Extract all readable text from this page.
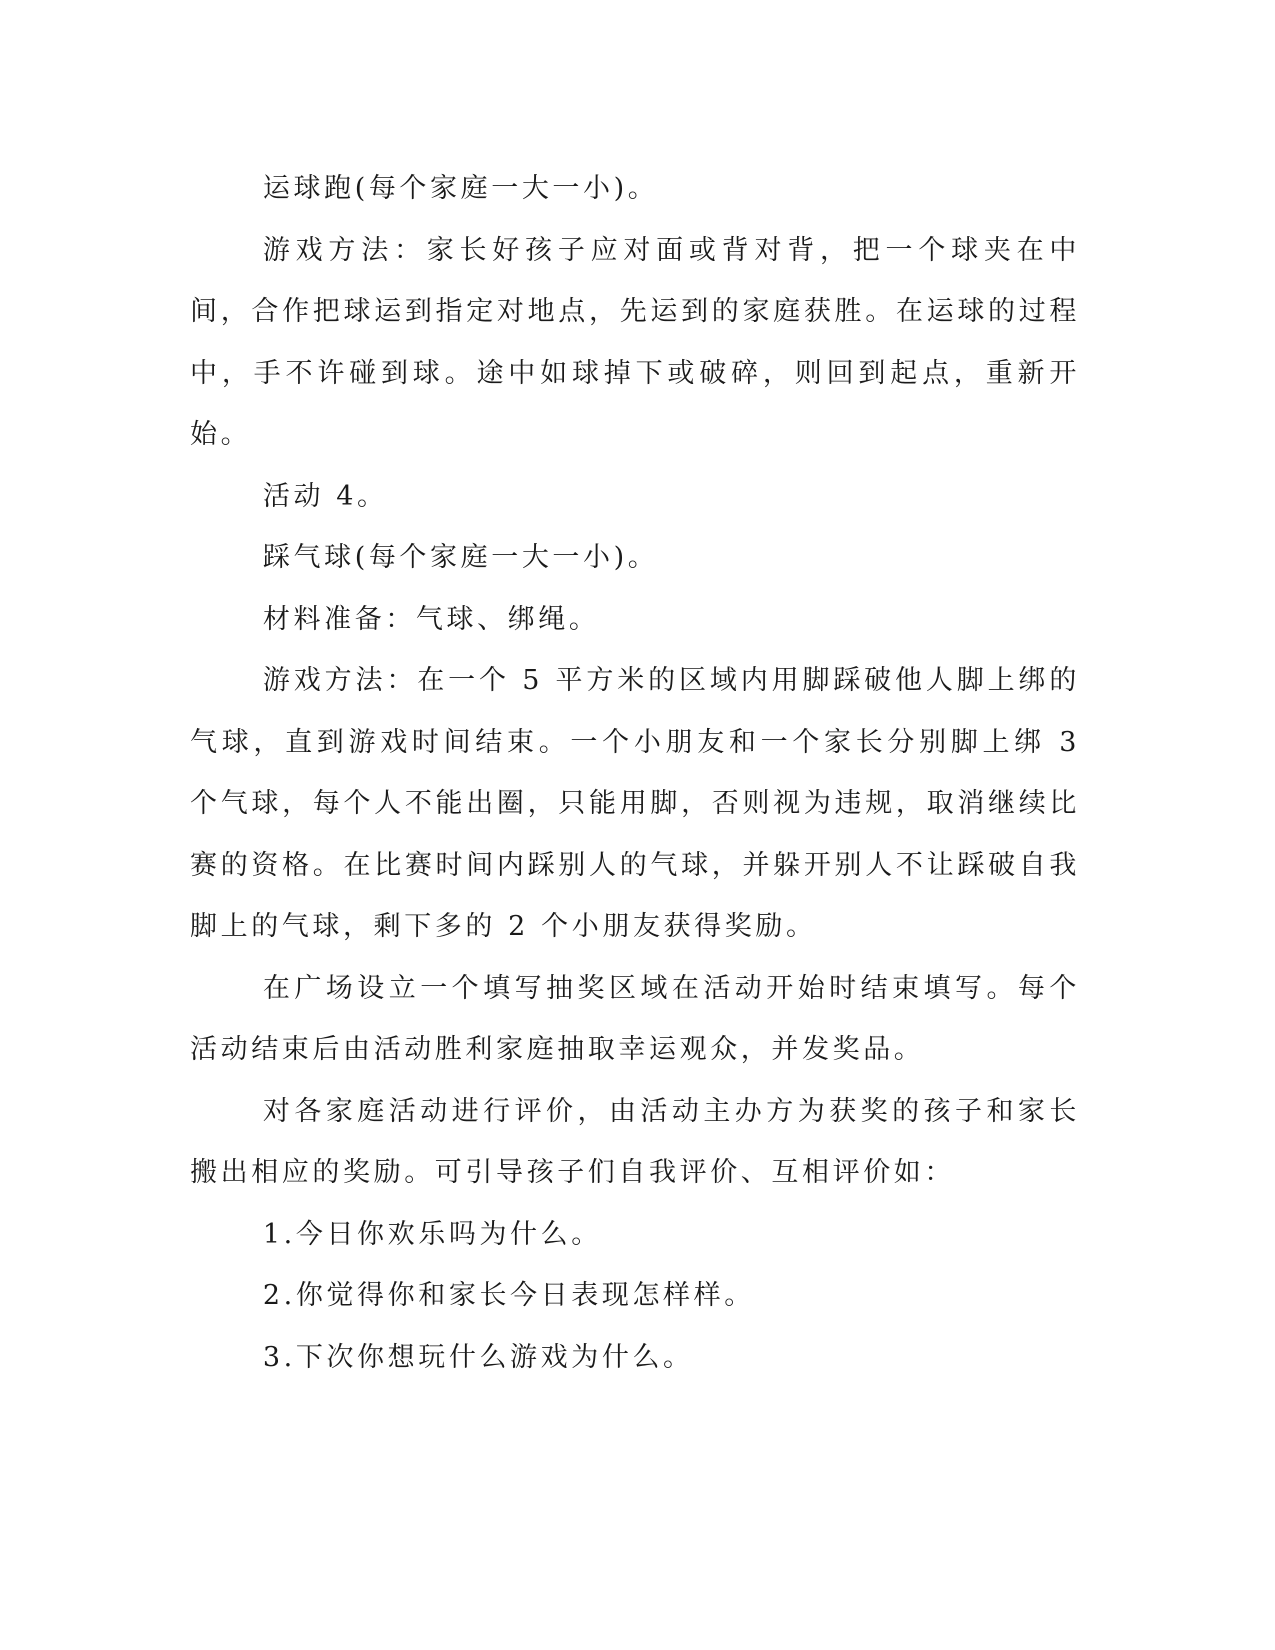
运球跑(每个家庭一大一小)。

游戏方法：家长好孩子应对面或背对背，把一个球夹在中间，合作把球运到指定对地点，先运到的家庭获胜。在运球的过程中，手不许碰到球。途中如球掉下或破碎，则回到起点，重新开始。

活动 4。

踩气球(每个家庭一大一小)。

材料准备：气球、绑绳。

游戏方法：在一个 5 平方米的区域内用脚踩破他人脚上绑的气球，直到游戏时间结束。一个小朋友和一个家长分别脚上绑 3 个气球，每个人不能出圈，只能用脚，否则视为违规，取消继续比赛的资格。在比赛时间内踩别人的气球，并躲开别人不让踩破自我脚上的气球，剩下多的 2 个小朋友获得奖励。

在广场设立一个填写抽奖区域在活动开始时结束填写。每个活动结束后由活动胜利家庭抽取幸运观众，并发奖品。

对各家庭活动进行评价，由活动主办方为获奖的孩子和家长搬出相应的奖励。可引导孩子们自我评价、互相评价如：

1.今日你欢乐吗为什么。

2.你觉得你和家长今日表现怎样样。

3.下次你想玩什么游戏为什么。
